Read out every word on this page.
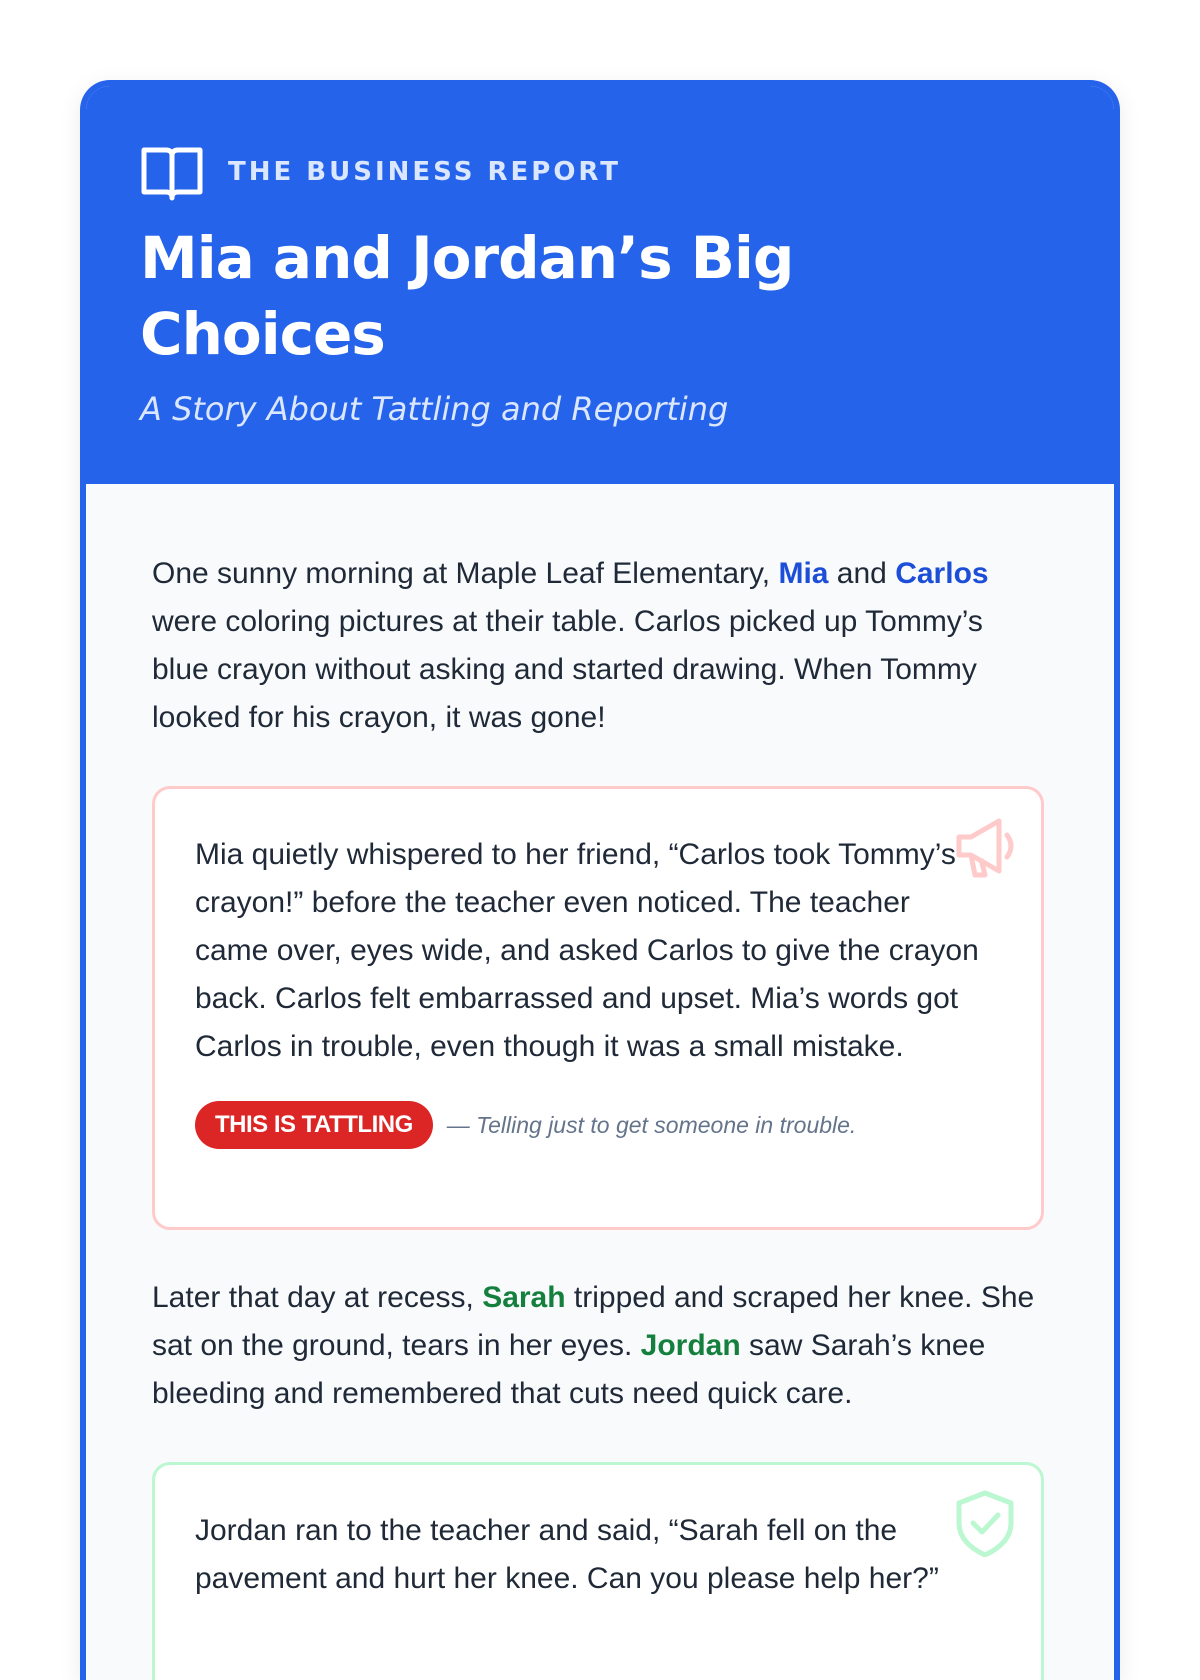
THE BUSINESS REPORT
Mia and Jordan’s Big Choices
A Story About Tattling and Reporting

One sunny morning at Maple Leaf Elementary, Mia and Carlos were coloring pictures at their table. Carlos picked up Tommy’s blue crayon without asking and started drawing. When Tommy looked for his crayon, it was gone!

Mia quietly whispered to her friend, “Carlos took Tommy’s crayon!” before the teacher even noticed. The teacher came over, eyes wide, and asked Carlos to give the crayon back. Carlos felt embarrassed and upset. Mia’s words got Carlos in trouble, even though it was a small mistake.

THIS IS TATTLING	— Telling just to get someone in trouble.

Later that day at recess, Sarah tripped and scraped her knee. She sat on the ground, tears in her eyes. Jordan saw Sarah’s knee bleeding and remembered that cuts need quick care.

Jordan ran to the teacher and said, “Sarah fell on the pavement and hurt her knee. Can you please help her?”
